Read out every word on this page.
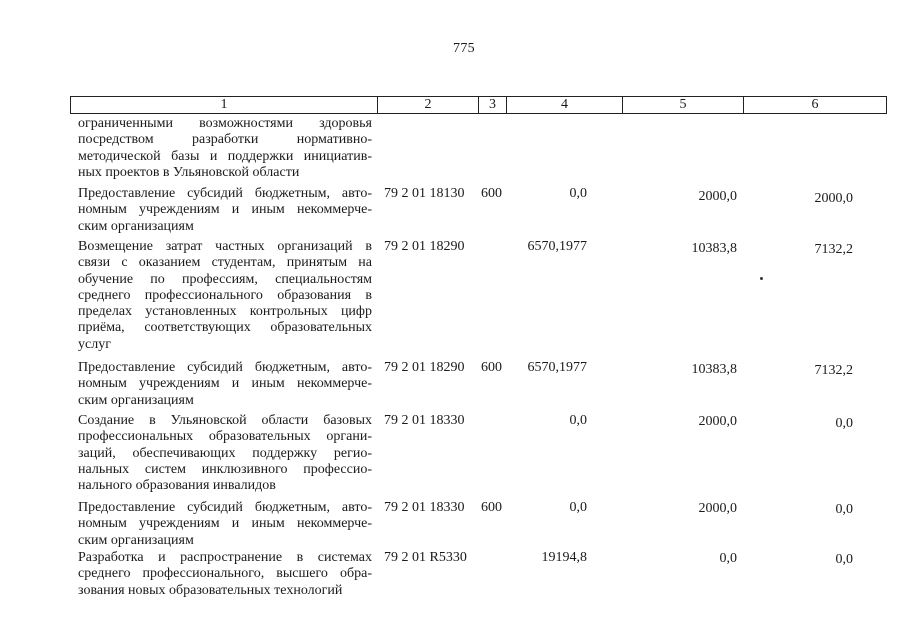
775
1	2	3	4	5	6
ограниченными возможностями здоровья
посредством разработки нормативно-
методической базы и поддержки инициатив-
ных проектов в Ульяновской области
Предоставление субсидий бюджетным, авто-
номным учреждениям и иным некоммерче-
ским организациям
79 2 01 18130 600	0,0	2000,0	2000,0
Возмещение затрат частных организаций в
связи с оказанием студентам, принятым на
обучение по профессиям, специальностям
среднего профессионального образования в
пределах установленных контрольных цифр
приёма, соответствующих образовательных
услуг
79 2 01 18290	6570,1977	10383,8	7132,2
Предоставление субсидий бюджетным, авто-
номным учреждениям и иным некоммерче-
ским организациям
79 2 01 18290 600 6570,1977	10383,8	7132,2
Создание в Ульяновской области базовых
профессиональных образовательных органи-
заций, обеспечивающих поддержку регио-
нальных систем инклюзивного профессио-
нального образования инвалидов
79 2 01 18330	0,0	2000,0	0,0
Предоставление субсидий бюджетным, авто-
номным учреждениям и иным некоммерче-
ским организациям
79 2 01 18330 600	0,0	2000,0	0,0
Разработка и распространение в системах
среднего профессионального, высшего обра-
зования новых образовательных технологий
79 2 01 R5330	19194,8	0,0	0,0
